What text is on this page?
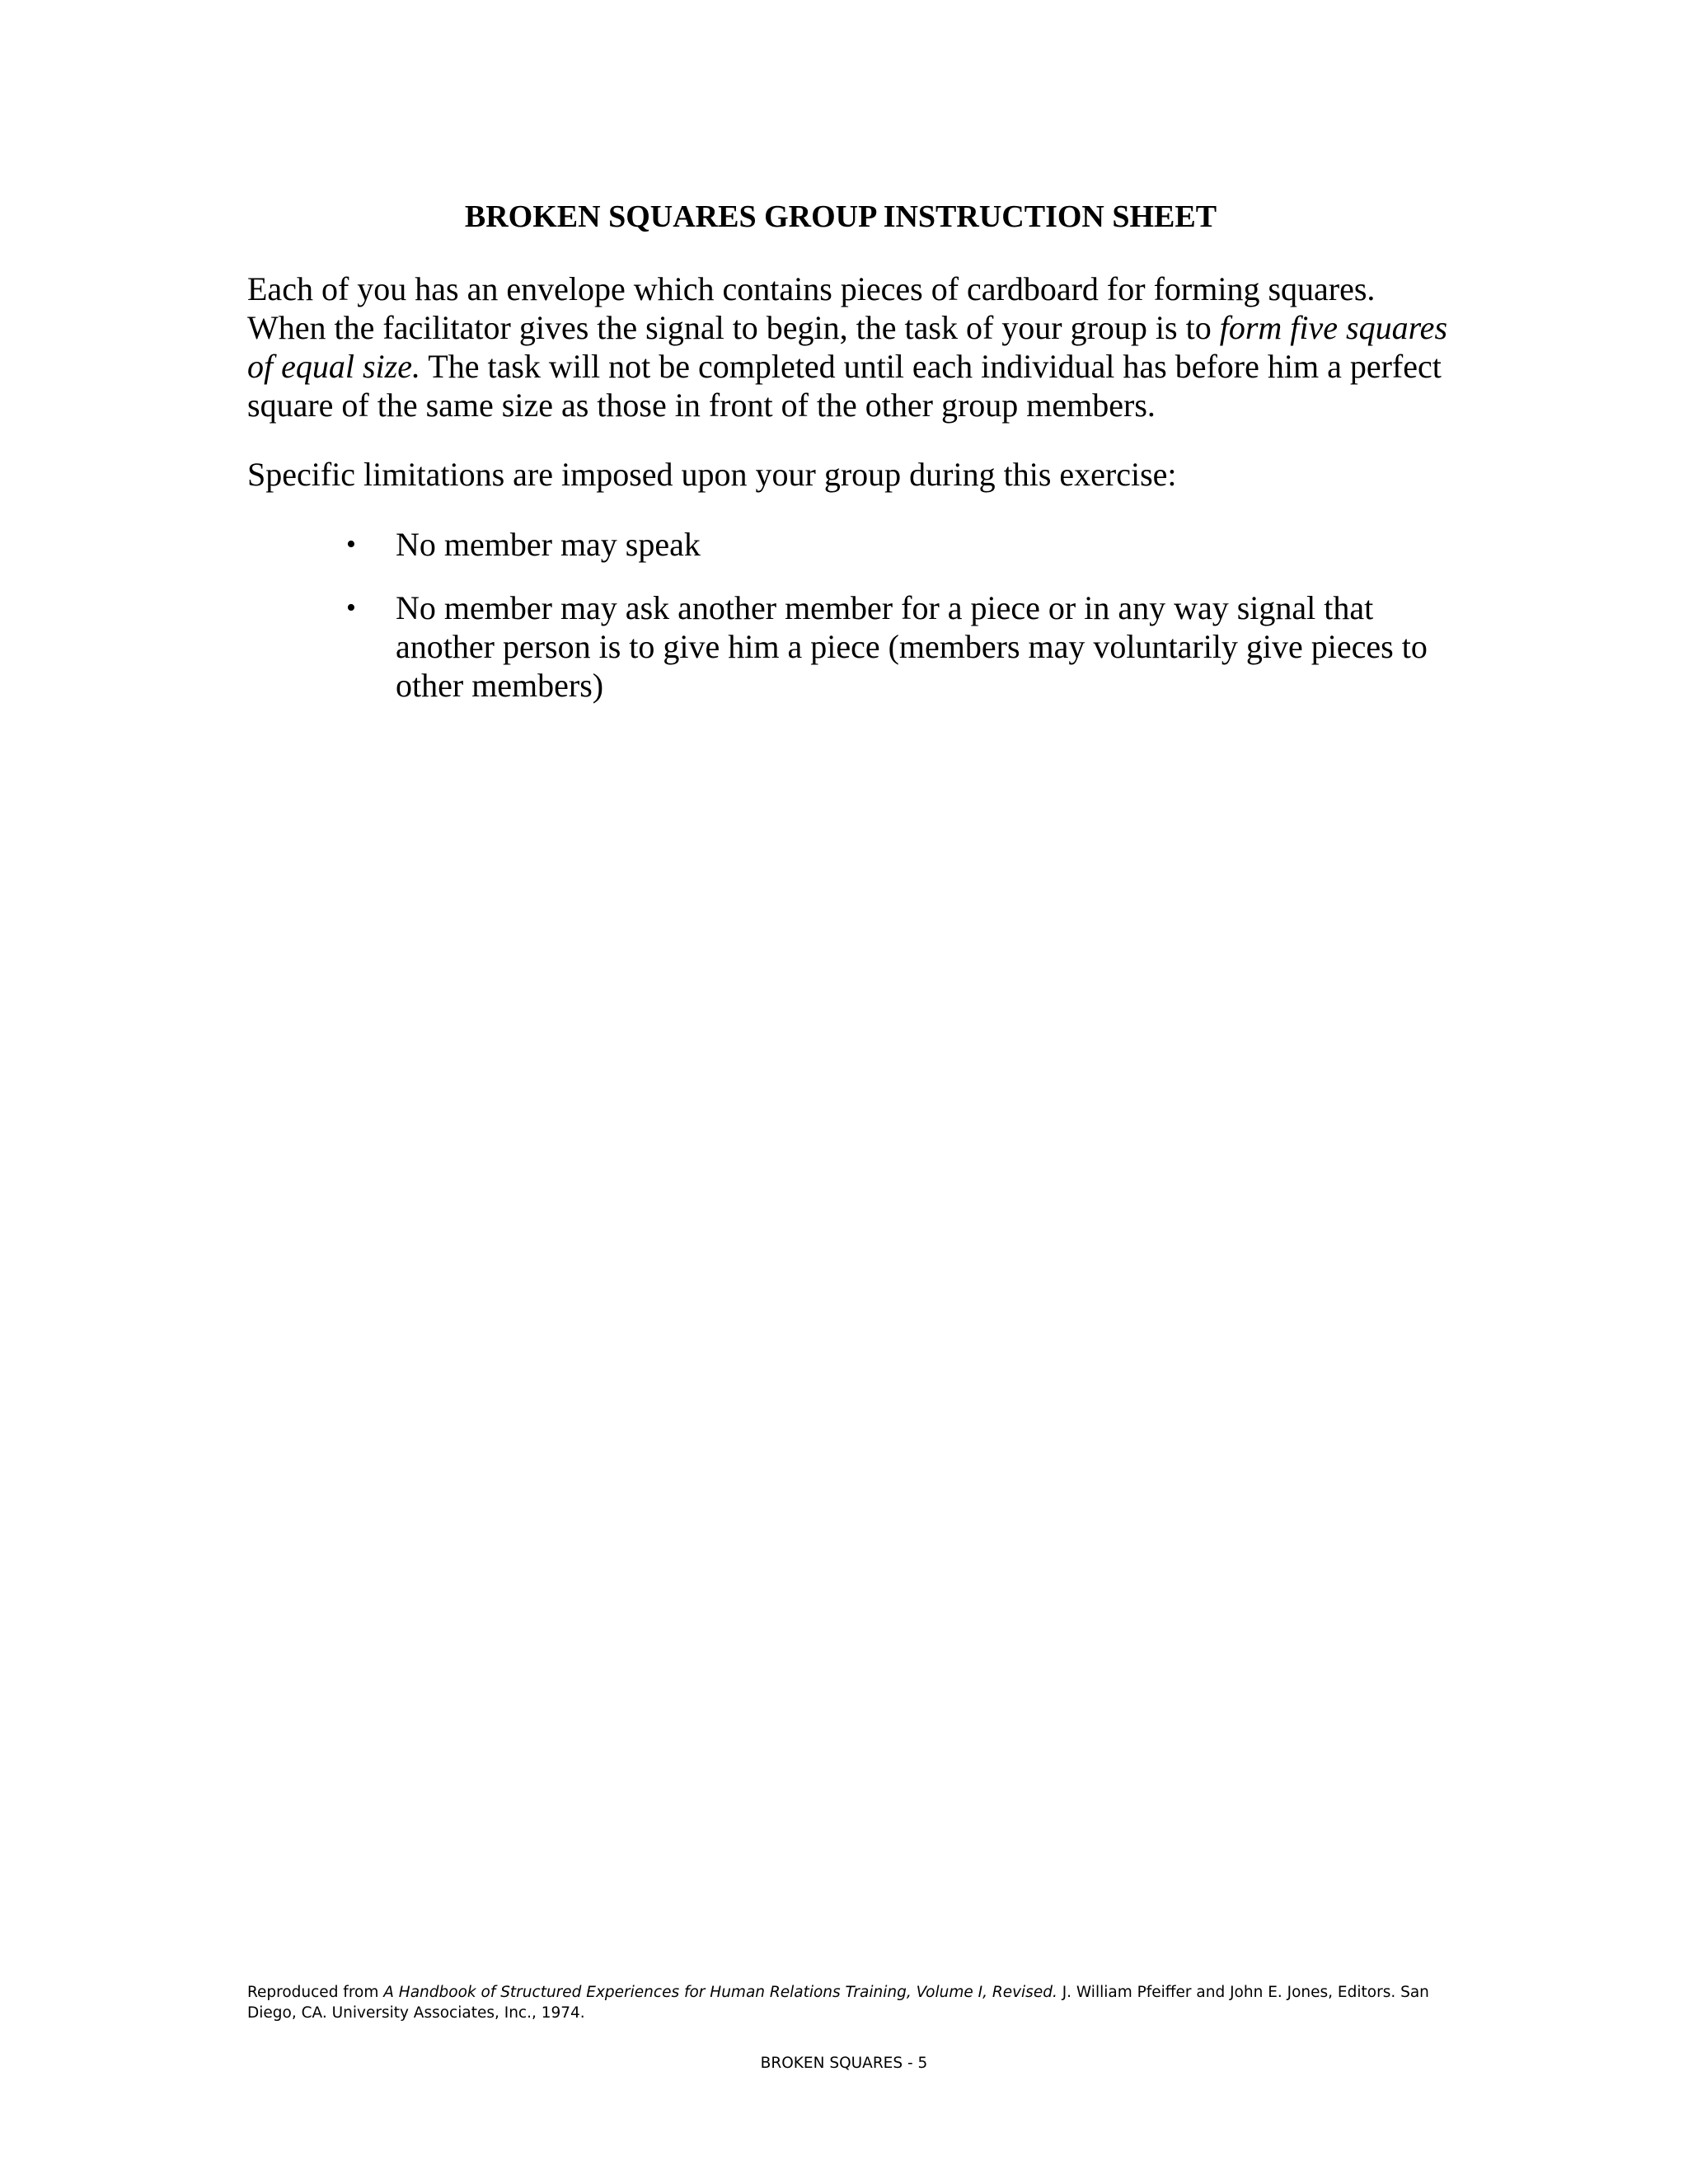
BROKEN SQUARES GROUP INSTRUCTION SHEET

Each of you has an envelope which contains pieces of cardboard for forming squares. When the facilitator gives the signal to begin, the task of your group is to form five squares of equal size. The task will not be completed until each individual has before him a perfect square of the same size as those in front of the other group members.

Specific limitations are imposed upon your group during this exercise:

• No member may speak
• No member may ask another member for a piece or in any way signal that another person is to give him a piece (members may voluntarily give pieces to other members)

Reproduced from A Handbook of Structured Experiences for Human Relations Training, Volume I, Revised. J. William Pfeiffer and John E. Jones, Editors. San Diego, CA. University Associates, Inc., 1974.

BROKEN SQUARES - 5
